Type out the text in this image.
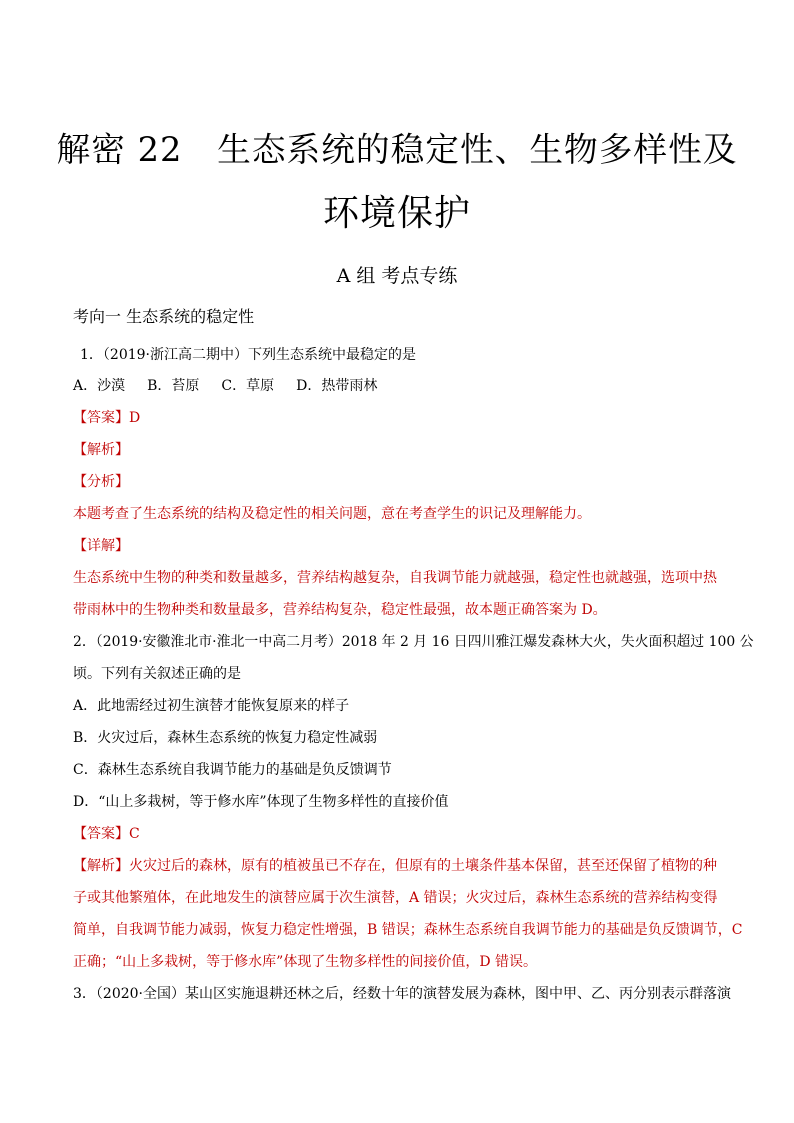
解密 22　生态系统的稳定性、生物多样性及
环境保护
A 组 考点专练
考向一 生态系统的稳定性
1．（2019·浙江高二期中）下列生态系统中最稳定的是
A．沙漠 B．苔原 C．草原 D．热带雨林
【答案】D
【解析】
【分析】
本题考查了生态系统的结构及稳定性的相关问题，意在考查学生的识记及理解能力。
【详解】
生态系统中生物的种类和数量越多，营养结构越复杂，自我调节能力就越强，稳定性也就越强，选项中热
带雨林中的生物种类和数量最多，营养结构复杂，稳定性最强，故本题正确答案为 D。
2．（2019·安徽淮北市·淮北一中高二月考）2018 年 2 月 16 日四川雅江爆发森林大火，失火面积超过 100 公
顷。下列有关叙述正确的是
A．此地需经过初生演替才能恢复原来的样子
B．火灾过后，森林生态系统的恢复力稳定性减弱
C．森林生态系统自我调节能力的基础是负反馈调节
D．“山上多栽树，等于修水库”体现了生物多样性的直接价值
【答案】C
【解析】火灾过后的森林，原有的植被虽已不存在，但原有的土壤条件基本保留，甚至还保留了植物的种
子或其他繁殖体，在此地发生的演替应属于次生演替，A 错误；火灾过后，森林生态系统的营养结构变得
简单，自我调节能力减弱，恢复力稳定性增强，B 错误；森林生态系统自我调节能力的基础是负反馈调节，C
正确；“山上多栽树，等于修水库”体现了生物多样性的间接价值，D 错误。
3．（2020·全国）某山区实施退耕还林之后，经数十年的演替发展为森林，图中甲、乙、丙分别表示群落演
